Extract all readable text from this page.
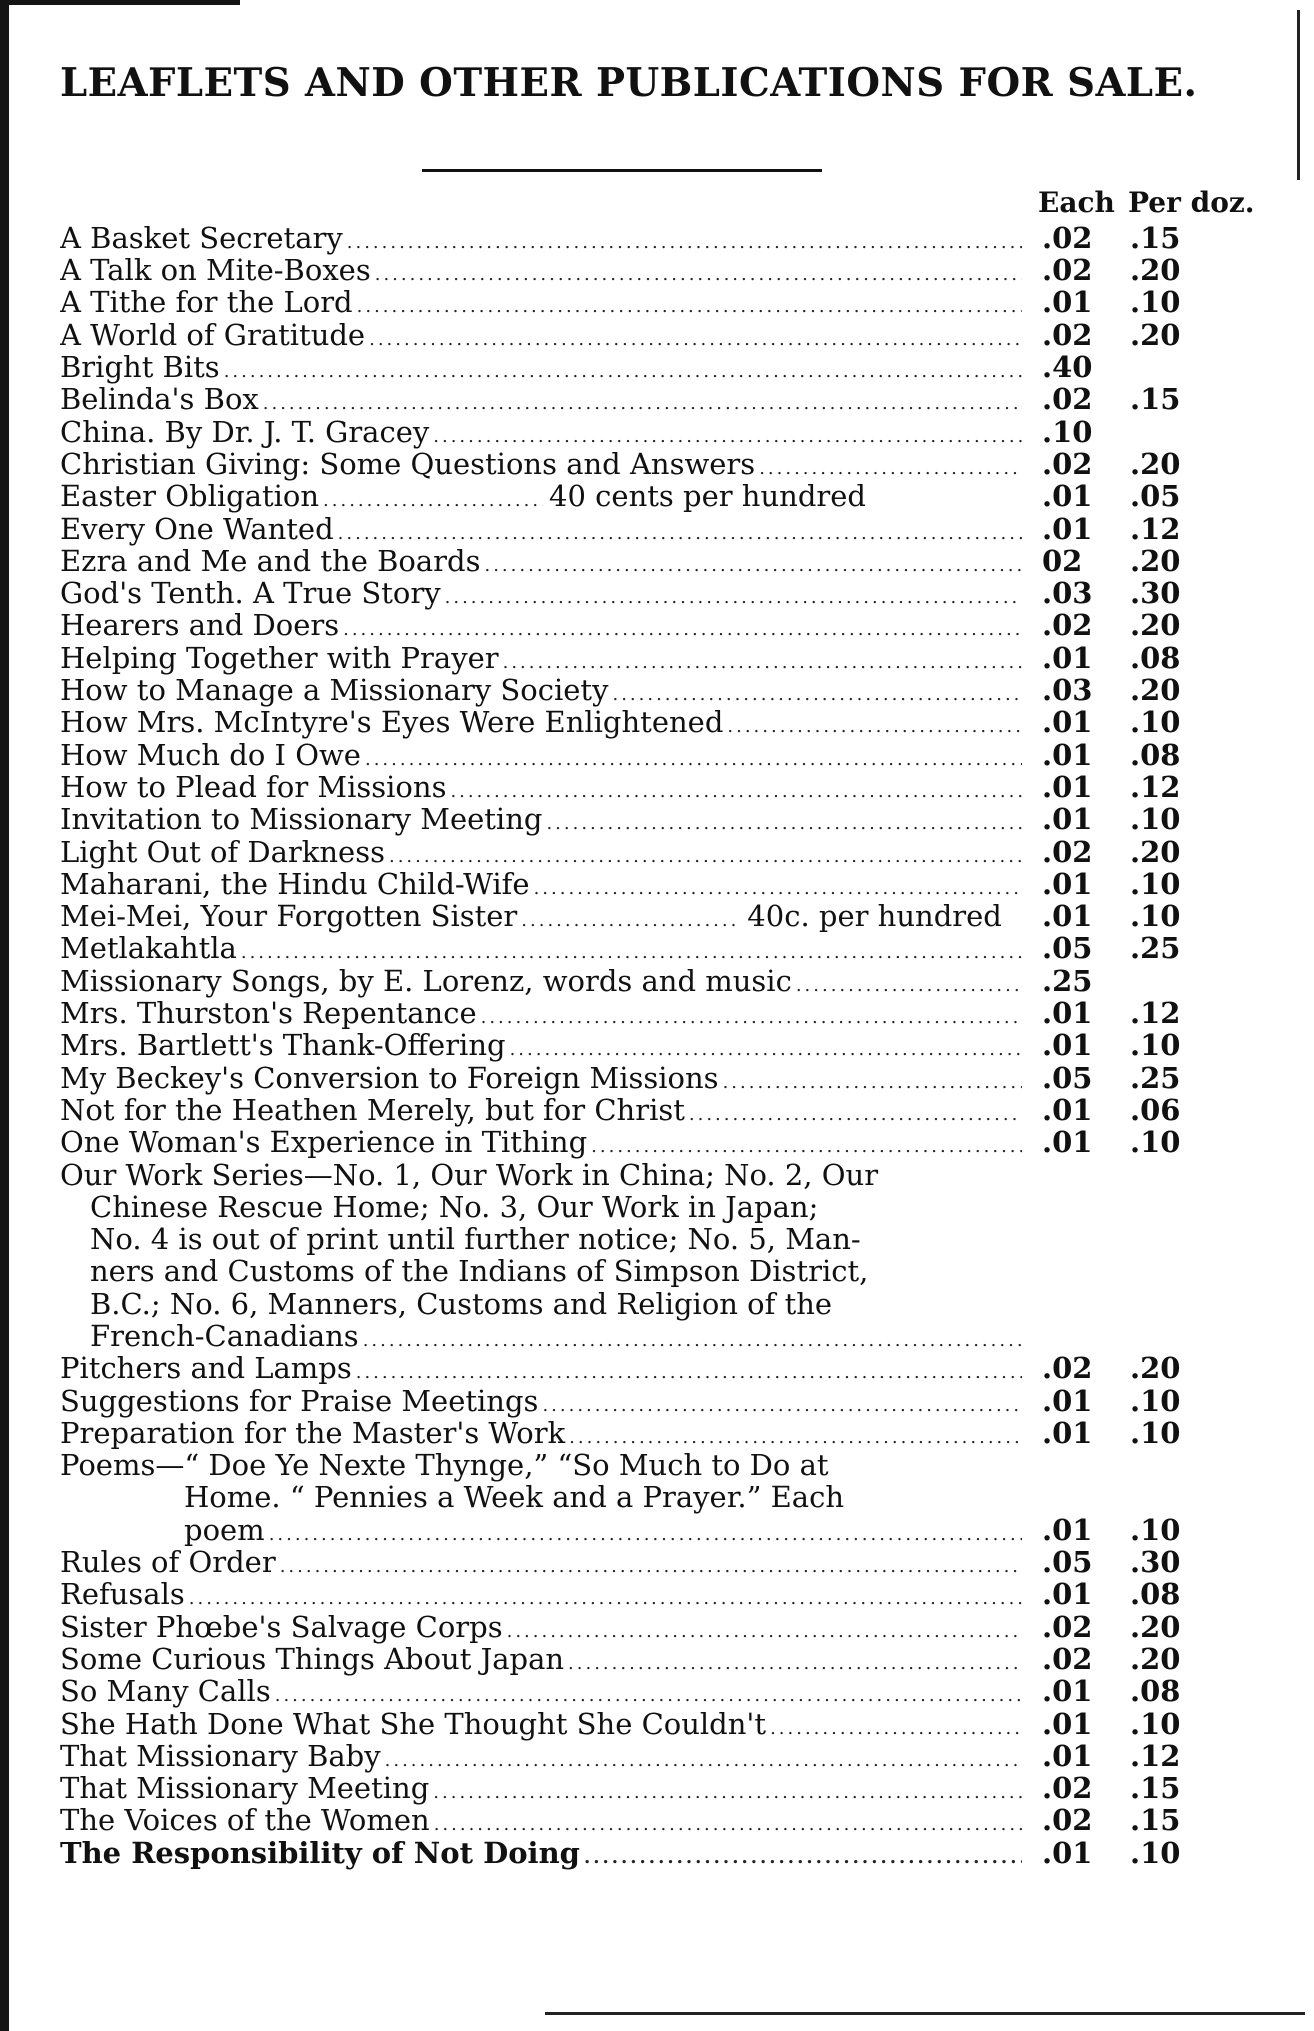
LEAFLETS AND OTHER PUBLICATIONS FOR SALE.
Each Per doz.
A Basket Secretary .....	.02	.15
A Talk on Mite-Boxes .....	.02	.20
A Tithe for the Lord .....	.01	.10
A World of Gratitude .....	.02	.20
Bright Bits .....	.40
Belinda's Box .....	.02	.15
China. By Dr. J. T. Gracey .....	.10
Christian Giving: Some Questions and Answers .....	.02	.20
Easter Obligation .....	40 cents per hundred	.01	.05
Every One Wanted .....	.01	.12
Ezra and Me and the Boards .....	02	.20
God's Tenth. A True Story .....	.03	.30
Hearers and Doers .....	.02	.20
Helping Together with Prayer .....	.01	.08
How to Manage a Missionary Society .....	.03	.20
How Mrs. McIntyre's Eyes Were Enlightened .....	.01	.10
How Much do I Owe .....	.01	.08
How to Plead for Missions .....	.01	.12
Invitation to Missionary Meeting .....	.01	.10
Light Out of Darkness .....	.02	.20
Maharani, the Hindu Child-Wife .....	.01	.10
Mei-Mei, Your Forgotten Sister .....	40c. per hundred .01	.10
Metlakahtla .....	.05	.25
Missionary Songs, by E. Lorenz, words and music .....	.25
Mrs. Thurston's Repentance .....	.01	.12
Mrs. Bartlett's Thank-Offering .....	.01	.10
My Beckey's Conversion to Foreign Missions .....	.05	.25
Not for the Heathen Merely, but for Christ .....	.01	.06
One Woman's Experience in Tithing .....	.01	.10
Our Work Series—No. 1, Our Work in China; No. 2, Our
Chinese Rescue Home; No. 3, Our Work in Japan;
No. 4 is out of print until further notice; No. 5, Man-
ners and Customs of the Indians of Simpson District,
B.C.; No. 6, Manners, Customs and Religion of the
French-Canadians
.....
Pitchers and Lamps .....	.02	.20
Suggestions for Praise Meetings .....	.01	.10
Preparation for the Master's Work .....	.01	.10
Poems—“ Doe Ye Nexte Thynge,” “So Much to Do at
Home. “ Pennies a Week and a Prayer.” Each
poem .....	.01	.10
Rules of Order .....	.05	.30
Refusals .....	.01	.08
Sister Phœbe's Salvage Corps .....	.02	.20
Some Curious Things About Japan .....	.02	.20
So Many Calls .....	.01	.08
She Hath Done What She Thought She Couldn't .....	.01	.10
That Missionary Baby .....	.01	.12
That Missionary Meeting .....	.02	.15
The Voices of the Women .....	.02	.15
The Responsibility of Not Doing .....	.01	.10
